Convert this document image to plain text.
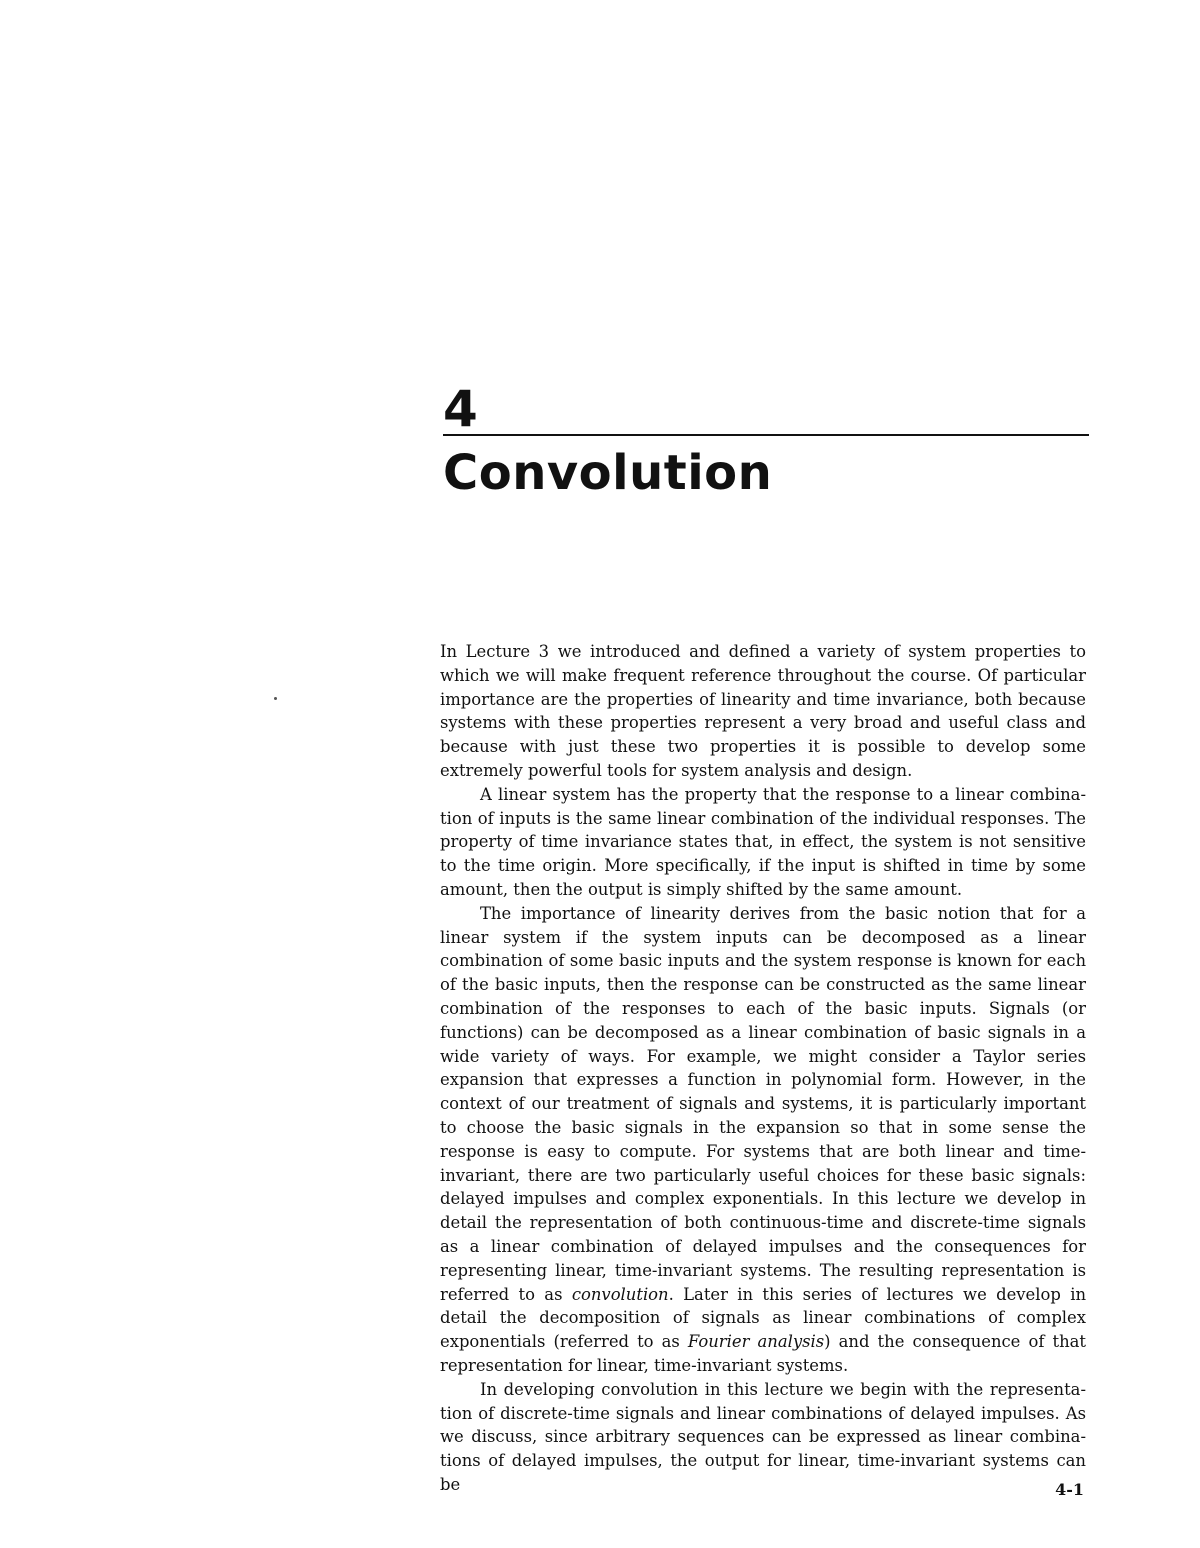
4
Convolution

In Lecture 3 we introduced and defined a variety of system properties to which we will make frequent reference throughout the course. Of particular importance are the properties of linearity and time invariance, both because systems with these properties represent a very broad and useful class and because with just these two properties it is possible to develop some extremely powerful tools for system analysis and design.

A linear system has the property that the response to a linear combination of inputs is the same linear combination of the individual responses. The property of time invariance states that, in effect, the system is not sensitive to the time origin. More specifically, if the input is shifted in time by some amount, then the output is simply shifted by the same amount.

The importance of linearity derives from the basic notion that for a linear system if the system inputs can be decomposed as a linear combination of some basic inputs and the system response is known for each of the basic inputs, then the response can be constructed as the same linear combination of the responses to each of the basic inputs. Signals (or functions) can be decomposed as a linear combination of basic signals in a wide variety of ways. For example, we might consider a Taylor series expansion that expresses a function in polynomial form. However, in the context of our treatment of signals and systems, it is particularly important to choose the basic signals in the expansion so that in some sense the response is easy to compute. For systems that are both linear and time-invariant, there are two particularly useful choices for these basic signals: delayed impulses and complex exponentials. In this lecture we develop in detail the representation of both continuous-time and discrete-time signals as a linear combination of delayed impulses and the consequences for representing linear, time-invariant systems. The resulting representation is referred to as convolution. Later in this series of lectures we develop in detail the decomposition of signals as linear combinations of complex exponentials (referred to as Fourier analysis) and the consequence of that representation for linear, time-invariant systems.

In developing convolution in this lecture we begin with the representation of discrete-time signals and linear combinations of delayed impulses. As we discuss, since arbitrary sequences can be expressed as linear combinations of delayed impulses, the output for linear, time-invariant systems can be	4-1
